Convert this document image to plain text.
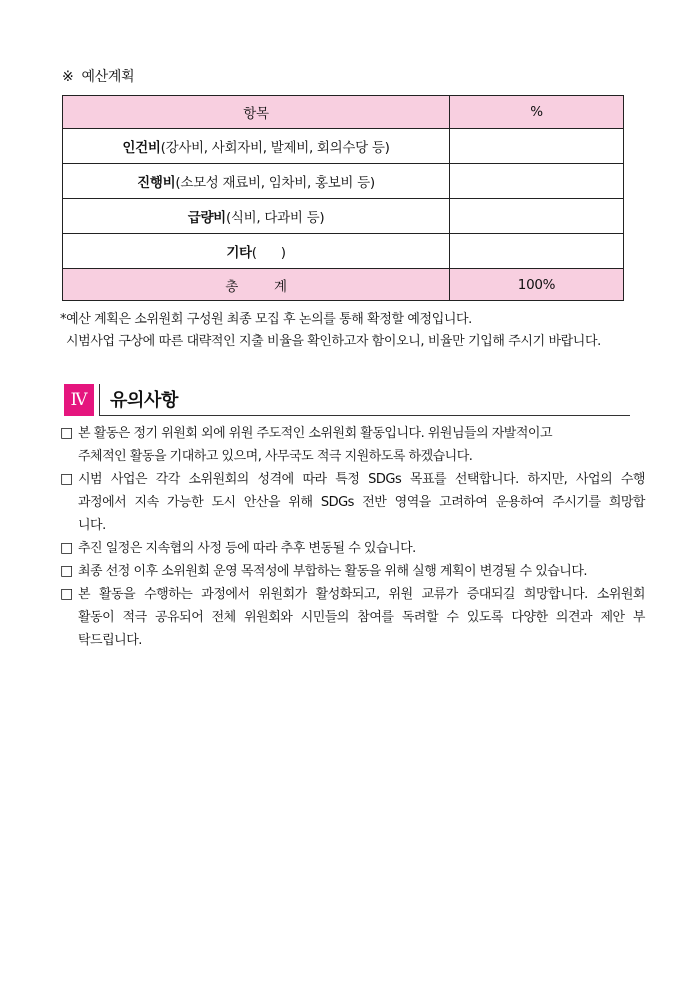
※ 예산계획
항목	%
인건비(강사비, 사회자비, 발제비, 회의수당 등)	
진행비(소모성 재료비, 임차비, 홍보비 등)	
급량비(식비, 다과비 등)	
기타(      )	
총 계	100%
*예산 계획은 소위원회 구성원 최종 모집 후 논의를 통해 확정할 예정입니다.
시범사업 구상에 따른 대략적인 지출 비율을 확인하고자 함이오니, 비율만 기입해 주시기 바랍니다.
Ⅳ	유의사항
□ 본 활동은 정기 위원회 외에 위원 주도적인 소위원회 활동입니다. 위원님들의 자발적이고
주체적인 활동을 기대하고 있으며, 사무국도 적극 지원하도록 하겠습니다.
□ 시범 사업은 각각 소위원회의 성격에 따라 특정 SDGs 목표를 선택합니다. 하지만, 사업의 수행
과정에서 지속 가능한 도시 안산을 위해 SDGs 전반 영역을 고려하여 운용하여 주시기를 희망합
니다.
□ 추진 일정은 지속협의 사정 등에 따라 추후 변동될 수 있습니다.
□ 최종 선정 이후 소위원회 운영 목적성에 부합하는 활동을 위해 실행 계획이 변경될 수 있습니다.
□ 본 활동을 수행하는 과정에서 위원회가 활성화되고, 위원 교류가 증대되길 희망합니다. 소위원회
활동이 적극 공유되어 전체 위원회와 시민들의 참여를 독려할 수 있도록 다양한 의견과 제안 부
탁드립니다.
